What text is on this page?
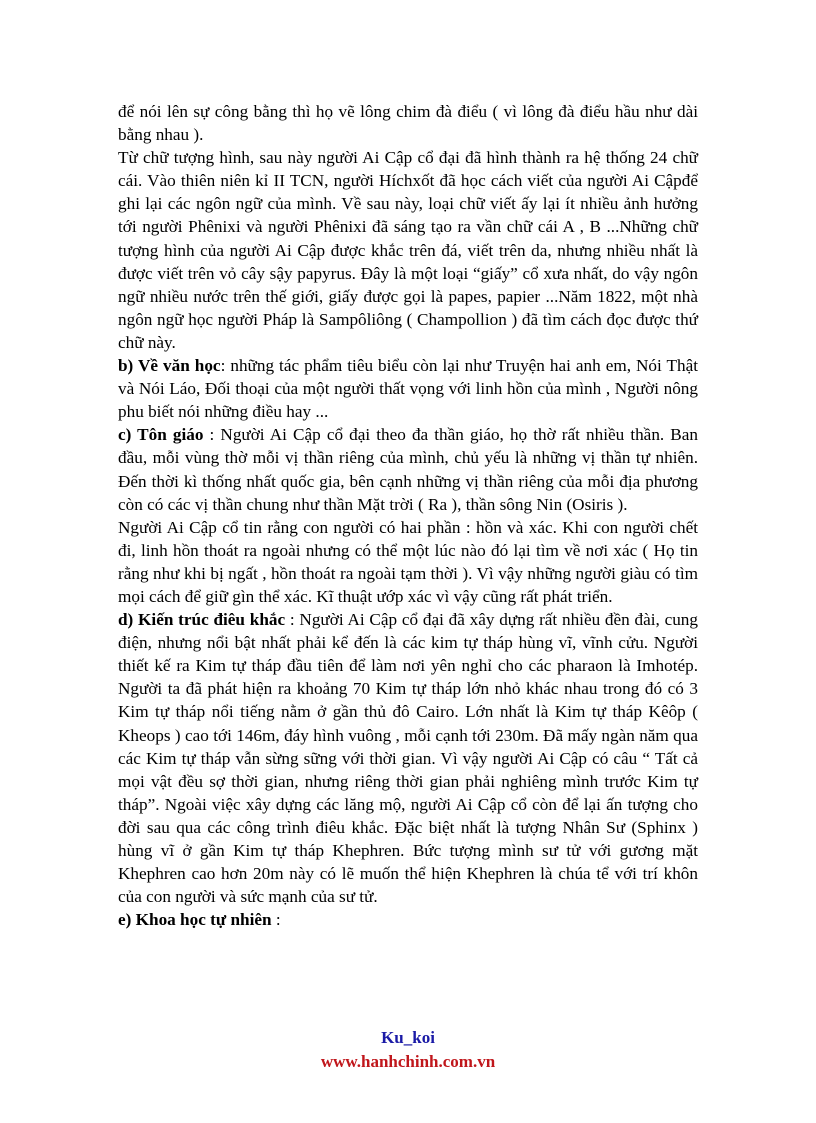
để nói lên sự công bằng thì họ vẽ lông chim đà điểu ( vì lông đà điểu hầu như dài bằng nhau ).

Từ chữ tượng hình, sau này người Ai Cập cổ đại đã hình thành ra hệ thống 24 chữ cái. Vào thiên niên kỉ II TCN, người Híchxốt đã học cách viết của người Ai Cậpđể ghi lại các ngôn ngữ của mình. Về sau này, loại chữ viết ấy lại ít nhiều ảnh hưởng tới người Phênixi và người Phênixi đã sáng tạo ra vần chữ cái A , B ...Những chữ tượng hình của người Ai Cập được khắc trên đá, viết trên da, nhưng nhiều nhất là được viết trên vỏ cây sậy papyrus. Đây là một loại “giấy” cổ xưa nhất, do vậy ngôn ngữ nhiều nước trên thế giới, giấy được gọi là papes, papier ...Năm 1822, một nhà ngôn ngữ học người Pháp là Sampôliông ( Champollion ) đã tìm cách đọc được thứ chữ này.

b) Về văn học: những tác phẩm tiêu biểu còn lại như Truyện hai anh em, Nói Thật và Nói Láo, Đối thoại của một người thất vọng với linh hồn của mình , Người nông phu biết nói những điều hay ...

c) Tôn giáo : Người Ai Cập cổ đại theo đa thần giáo, họ thờ rất nhiều thần. Ban đầu, mỗi vùng thờ mỗi vị thần riêng của mình, chủ yếu là những vị thần tự nhiên. Đến thời kì thống nhất quốc gia, bên cạnh những vị thần riêng của mỗi địa phương còn có các vị thần chung như thần Mặt trời ( Ra ), thần sông Nin (Osiris ).

Người Ai Cập cổ tin rằng con người có hai phần : hồn và xác. Khi con người chết đi, linh hồn thoát ra ngoài nhưng có thể một lúc nào đó lại tìm về nơi xác ( Họ tin rằng như khi bị ngất , hồn thoát ra ngoài tạm thời ). Vì vậy những người giàu có tìm mọi cách để giữ gìn thể xác. Kĩ thuật ướp xác vì vậy cũng rất phát triển.

d) Kiến trúc điêu khắc : Người Ai Cập cổ đại đã xây dựng rất nhiều đền đài, cung điện, nhưng nổi bật nhất phải kể đến là các kim tự tháp hùng vĩ, vĩnh cửu. Người thiết kế ra Kim tự tháp đầu tiên để làm nơi yên nghỉ cho các pharaon là Imhotép. Người ta đã phát hiện ra khoảng 70 Kim tự tháp lớn nhỏ khác nhau trong đó có 3 Kim tự tháp nổi tiếng nằm ở gần thủ đô Cairo. Lớn nhất là Kim tự tháp Kêôp ( Kheops ) cao tới 146m, đáy hình vuông , mỗi cạnh tới 230m. Đã mấy ngàn năm qua các Kim tự tháp vẫn sừng sững với thời gian. Vì vậy người Ai Cập có câu “ Tất cả mọi vật đều sợ thời gian, nhưng riêng thời gian phải nghiêng mình trước Kim tự tháp”. Ngoài việc xây dựng các lăng mộ, người Ai Cập cổ còn để lại ấn tượng cho đời sau qua các công trình điêu khắc. Đặc biệt nhất là tượng Nhân Sư (Sphinx ) hùng vĩ ở gần Kim tự tháp Khephren. Bức tượng mình sư tử với gương mặt Khephren cao hơn 20m này có lẽ muốn thể hiện Khephren là chúa tể với trí khôn của con người và sức mạnh của sư tử.

e) Khoa học tự nhiên :

Ku_koi
www.hanhchinh.com.vn
